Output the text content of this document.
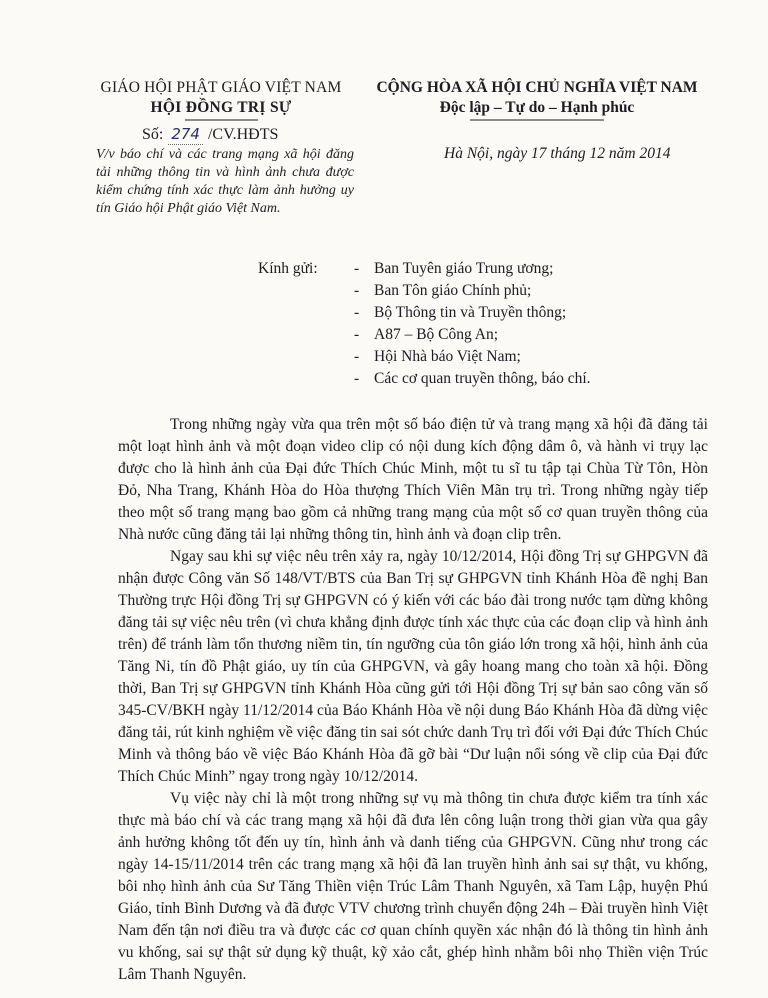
GIÁO HỘI PHẬT GIÁO VIỆT NAM
HỘI ĐỒNG TRỊ SỰ
CỘNG HÒA XÃ HỘI CHỦ NGHĨA VIỆT NAM
Độc lập – Tự do – Hạnh phúc
Số: 274 /CV.HĐTS
V/v báo chí và các trang mạng xã hội đăng tải những thông tin và hình ảnh chưa được kiểm chứng tính xác thực làm ảnh hưởng uy tín Giáo hội Phật giáo Việt Nam.
Hà Nội, ngày 17 tháng 12 năm 2014
Kính gửi: - Ban Tuyên giáo Trung ương;
- Ban Tôn giáo Chính phủ;
- Bộ Thông tin và Truyền thông;
- A87 – Bộ Công An;
- Hội Nhà báo Việt Nam;
- Các cơ quan truyền thông, báo chí.

Trong những ngày vừa qua trên một số báo điện tử và trang mạng xã hội đã đăng tải một loạt hình ảnh và một đoạn video clip có nội dung kích động dâm ô, và hành vi trụy lạc được cho là hình ảnh của Đại đức Thích Chúc Minh, một tu sĩ tu tập tại Chùa Từ Tôn, Hòn Đỏ, Nha Trang, Khánh Hòa do Hòa thượng Thích Viên Mãn trụ trì. Trong những ngày tiếp theo một số trang mạng bao gồm cả những trang mạng của một số cơ quan truyền thông của Nhà nước cũng đăng tải lại những thông tin, hình ảnh và đoạn clip trên.

Ngay sau khi sự việc nêu trên xảy ra, ngày 10/12/2014, Hội đồng Trị sự GHPGVN đã nhận được Công văn Số 148/VT/BTS của Ban Trị sự GHPGVN tỉnh Khánh Hòa đề nghị Ban Thường trực Hội đồng Trị sự GHPGVN có ý kiến với các báo đài trong nước tạm dừng không đăng tải sự việc nêu trên (vì chưa khẳng định được tính xác thực của các đoạn clip và hình ảnh trên) để tránh làm tổn thương niềm tin, tín ngưỡng của tôn giáo lớn trong xã hội, hình ảnh của Tăng Ni, tín đồ Phật giáo, uy tín của GHPGVN, và gây hoang mang cho toàn xã hội. Đồng thời, Ban Trị sự GHPGVN tỉnh Khánh Hòa cũng gửi tới Hội đồng Trị sự bản sao công văn số 345-CV/BKH ngày 11/12/2014 của Báo Khánh Hòa về nội dung Báo Khánh Hòa đã dừng việc đăng tải, rút kinh nghiệm về việc đăng tin sai sót chức danh Trụ trì đối với Đại đức Thích Chúc Minh và thông báo về việc Báo Khánh Hòa đã gỡ bài “Dư luận nổi sóng về clip của Đại đức Thích Chúc Minh” ngay trong ngày 10/12/2014.

Vụ việc này chỉ là một trong những sự vụ mà thông tin chưa được kiểm tra tính xác thực mà báo chí và các trang mạng xã hội đã đưa lên công luận trong thời gian vừa qua gây ảnh hưởng không tốt đến uy tín, hình ảnh và danh tiếng của GHPGVN. Cũng như trong các ngày 14-15/11/2014 trên các trang mạng xã hội đã lan truyền hình ảnh sai sự thật, vu khống, bôi nhọ hình ảnh của Sư Tăng Thiền viện Trúc Lâm Thanh Nguyên, xã Tam Lập, huyện Phú Giáo, tỉnh Bình Dương và đã được VTV chương trình chuyển động 24h – Đài truyền hình Việt Nam đến tận nơi điều tra và được các cơ quan chính quyền xác nhận đó là thông tin hình ảnh vu khống, sai sự thật sử dụng kỹ thuật, kỹ xảo cắt, ghép hình nhằm bôi nhọ Thiền viện Trúc Lâm Thanh Nguyên.
